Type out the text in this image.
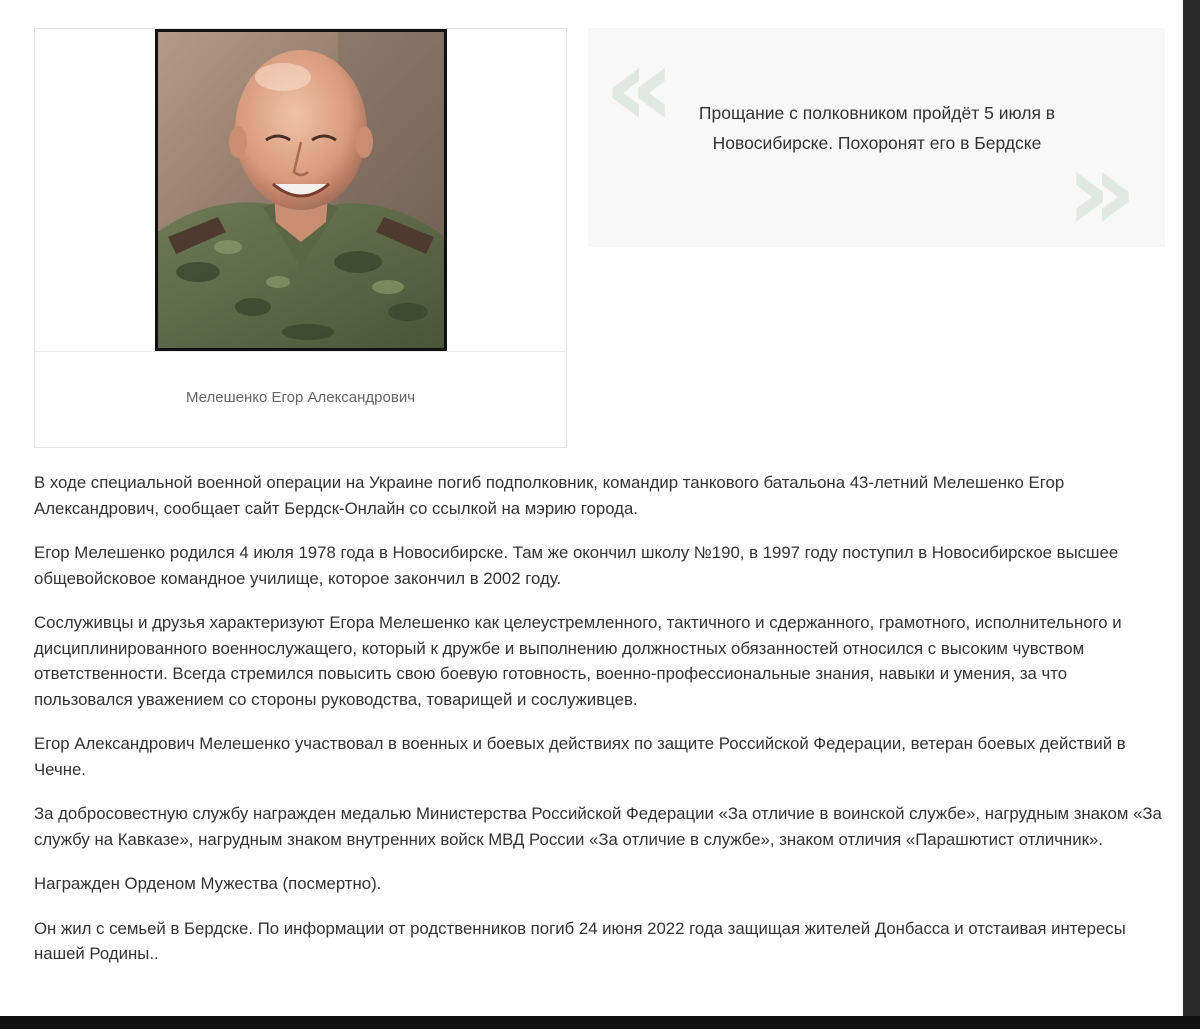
Мелешенко Егор Александрович
«	Прощание с полковником пройдёт 5 июля в Новосибирске. Похоронят его в Бердске »

В ходе специальной военной операции на Украине погиб подполковник, командир танкового батальона 43-летний Мелешенко Егор Александрович, сообщает сайт Бердск-Онлайн со ссылкой на мэрию города.

Егор Мелешенко родился 4 июля 1978 года в Новосибирске. Там же окончил школу №190, в 1997 году поступил в Новосибирское высшее общевойсковое командное училище, которое закончил в 2002 году.

Сослуживцы и друзья характеризуют Егора Мелешенко как целеустремленного, тактичного и сдержанного, грамотного, исполнительного и дисциплинированного военнослужащего, который к дружбе и выполнению должностных обязанностей относился с высоким чувством ответственности. Всегда стремился повысить свою боевую готовность, военно-профессиональные знания, навыки и умения, за что пользовался уважением со стороны руководства, товарищей и сослуживцев.

Егор Александрович Мелешенко участвовал в военных и боевых действиях по защите Российской Федерации, ветеран боевых действий в Чечне.

За добросовестную службу награжден медалью Министерства Российской Федерации «За отличие в воинской службе», нагрудным знаком «За службу на Кавказе», нагрудным знаком внутренних войск МВД России «За отличие в службе», знаком отличия «Парашютист отличник».

Награжден Орденом Мужества (посмертно).

Он жил с семьей в Бердске. По информации от родственников погиб 24 июня 2022 года защищая жителей Донбасса и отстаивая интересы нашей Родины..
